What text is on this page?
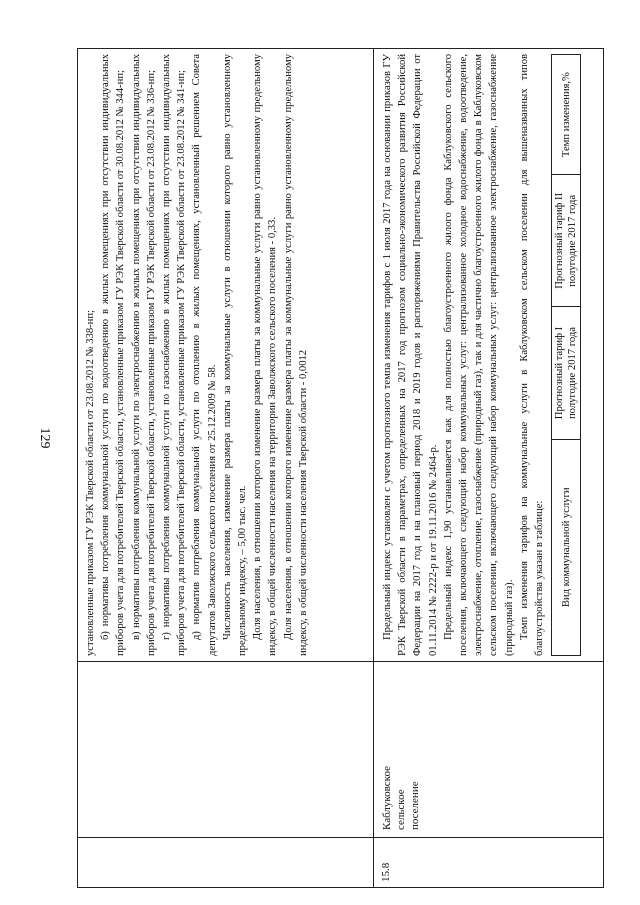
129	установленные приказом ГУ РЭК Тверской области от 23.08.2012 № 338-нп; б) нормативы потребления коммунальной услуги по водоотведению в жилых помещениях при отсутствии индивидуальных приборов учета для потребителей Тверской области, установленные приказом ГУ РЭК Тверской области от 30.08.2012 № 344-нп; в) нормативы потребления коммунальной услуги по электроснабжению в жилых помещениях при отсутствии индивидуальных приборов учета для потребителей Тверской области, установленные приказом ГУ РЭК Тверской области от 23.08.2012 № 336-нп; г) нормативы потребления коммунальной услуги по газоснабжению в жилых помещениях при отсутствии индивидуальных приборов учета для потребителей Тверской области, установленные приказом ГУ РЭК Тверской области от 23.08.2012 № 341-нп; д) норматив потребления коммунальной услуги по отоплению в жилых помещениях, установленный решением Совета депутатов Заволжского сельского поселения от 25.12.2009 № 58. Численность населения, изменение размера платы за коммунальные услуги в отношении которого равно установленному предельному индексу, – 5,00 тыс. чел. Доля населения, в отношении которого изменение размера платы за коммунальные услуги равно установленному предельному индексу, в общей численности населения на территории Заволжского сельского поселения - 0,33. Доля населения, в отношении которого изменение размера платы за коммунальные услуги равно установленному предельному индексу, в общей численности населения Тверской области - 0,0012

15.8
Каблуковское сельское поселение

Предельный индекс установлен с учетом прогнозного темпа изменения тарифов с 1 июля 2017 года на основании приказов ГУ РЭК Тверской области в параметрах, определенных на 2017 год прогнозом социально-экономического развития Российской Федерации на 2017 год и на плановый период 2018 и 2019 годов и распоряжениями Правительства Российской Федерации от 01.11.2014 № 2222-р и от 19.11.2016 № 2464-р. Предельный индекс 1,90 устанавливается как для полностью благоустроенного жилого фонда Каблуковского сельского поселения, включающего следующий набор коммунальных услуг: централизованное холодное водоснабжение, водоотведение, электроснабжение, отопление, газоснабжение (природный газ), так и для частично благоустроенного жилого фонда в Каблуковском сельском поселении, включающего следующий набор коммунальных услуг: централизованное электроснабжение, газоснабжение (природный газ). Темп изменения тарифов на коммунальные услуги в Каблуковском сельском поселении для вышеназванных типов благоустройства указан в таблице: Вид коммунальной услуги	Прогнозный тариф I полугодие 2017 года	Прогнозный тариф II полугодие 2017 года	Темп изменения,%
